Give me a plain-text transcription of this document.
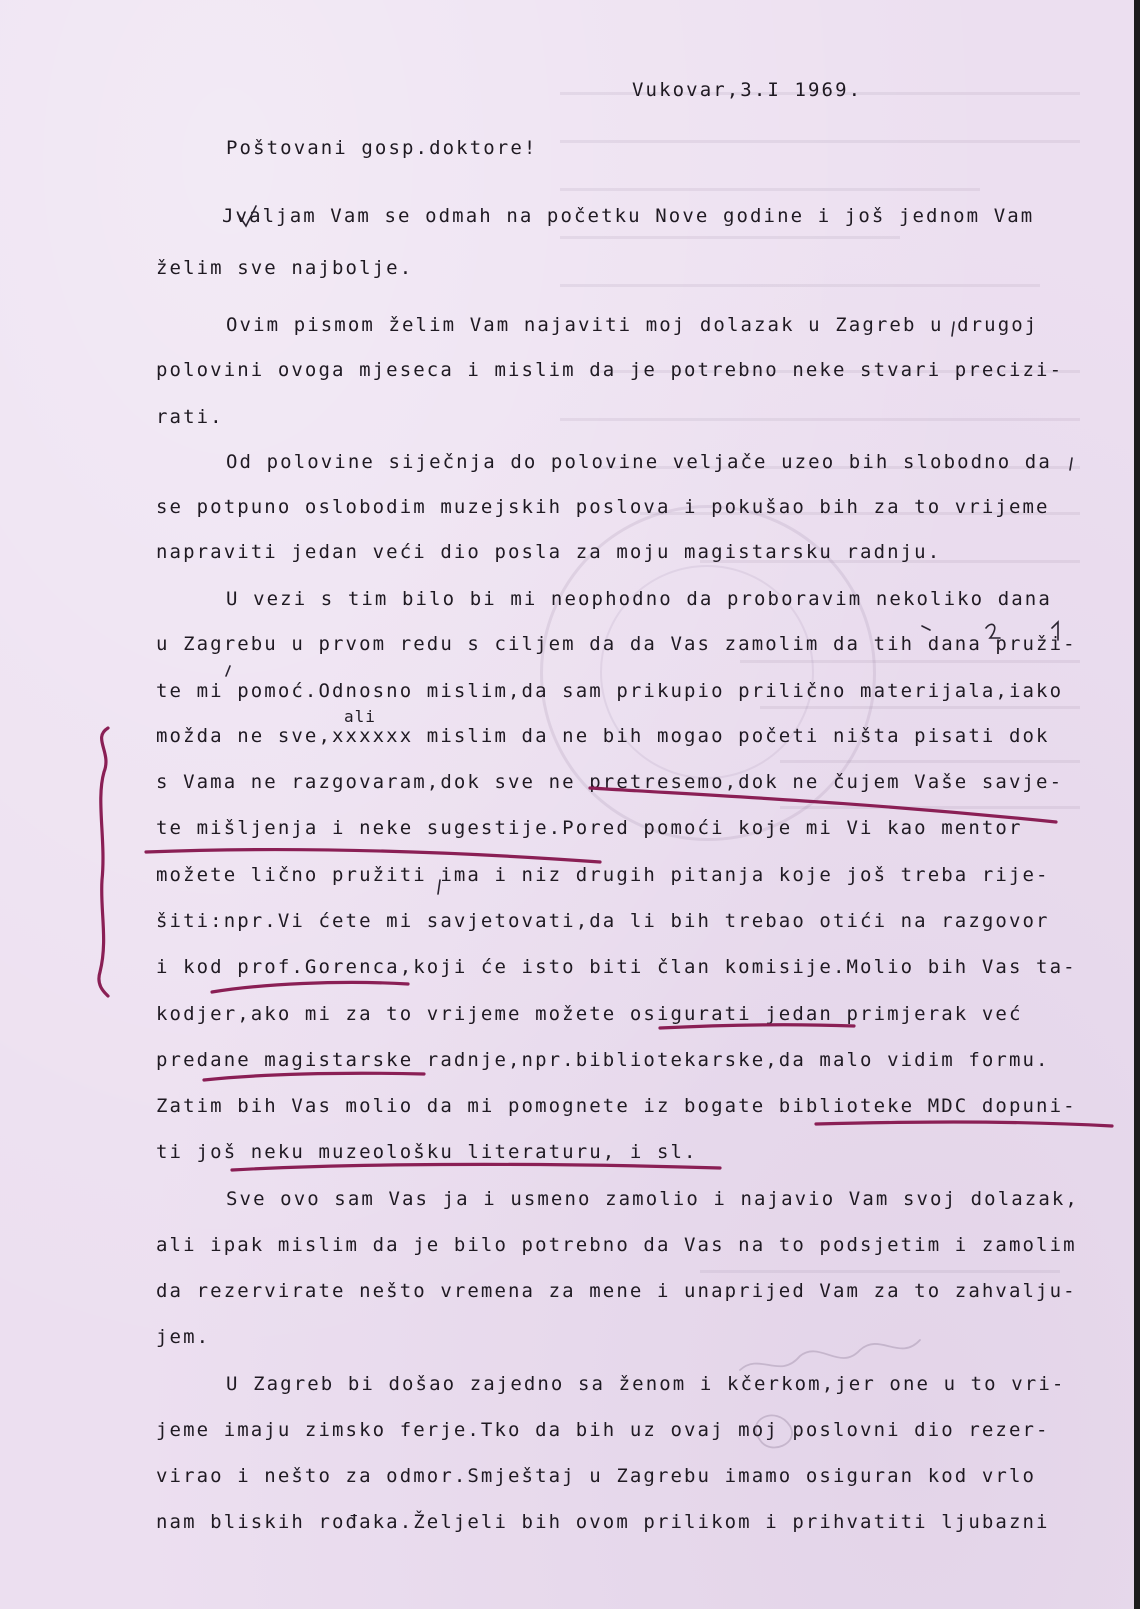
Vukovar,3.I 1969.
Poštovani gosp.doktore!
Jvaljam Vam se odmah na početku Nove godine i još jednom Vam
želim sve najbolje.
Ovim pismom želim Vam najaviti moj dolazak u Zagreb u drugoj
polovini ovoga mjeseca i mislim da je potrebno neke stvari precizi-
rati.
Od polovine siječnja do polovine veljače uzeo bih slobodno da
se potpuno oslobodim muzejskih poslova i pokušao bih za to vrijeme
napraviti jedan veći dio posla za moju magistarsku radnju.
U vezi s tim bilo bi mi neophodno da proboravim nekoliko dana
u Zagrebu u prvom redu s ciljem da da Vas zamolim da tih dana pruži-
te mi pomoć.Odnosno mislim,da sam prikupio prilično materijala,iako
ali
možda ne sve,xxxxxx mislim da ne bih mogao početi ništa pisati dok
s Vama ne razgovaram,dok sve ne pretresemo,dok ne čujem Vaše savje-
te mišljenja i neke sugestije.Pored pomoći koje mi Vi kao mentor
možete lično pružiti ima i niz drugih pitanja koje još treba rije-
šiti:npr.Vi ćete mi savjetovati,da li bih trebao otići na razgovor
i kod prof.Gorenca,koji će isto biti član komisije.Molio bih Vas ta-
kodjer,ako mi za to vrijeme možete osigurati jedan primjerak već
predane magistarske radnje,npr.bibliotekarske,da malo vidim formu.
Zatim bih Vas molio da mi pomognete iz bogate biblioteke MDC dopuni-
ti još neku muzeološku literaturu, i sl.
Sve ovo sam Vas ja i usmeno zamolio i najavio Vam svoj dolazak,
ali ipak mislim da je bilo potrebno da Vas na to podsjetim i zamolim
da rezervirate nešto vremena za mene i unaprijed Vam za to zahvalju-
jem.
U Zagreb bi došao zajedno sa ženom i kčerkom,jer one u to vri-
jeme imaju zimsko ferje.Tko da bih uz ovaj moj poslovni dio rezer-
virao i nešto za odmor.Smještaj u Zagrebu imamo osiguran kod vrlo
nam bliskih rođaka.Željeli bih ovom prilikom i prihvatiti ljubazni
